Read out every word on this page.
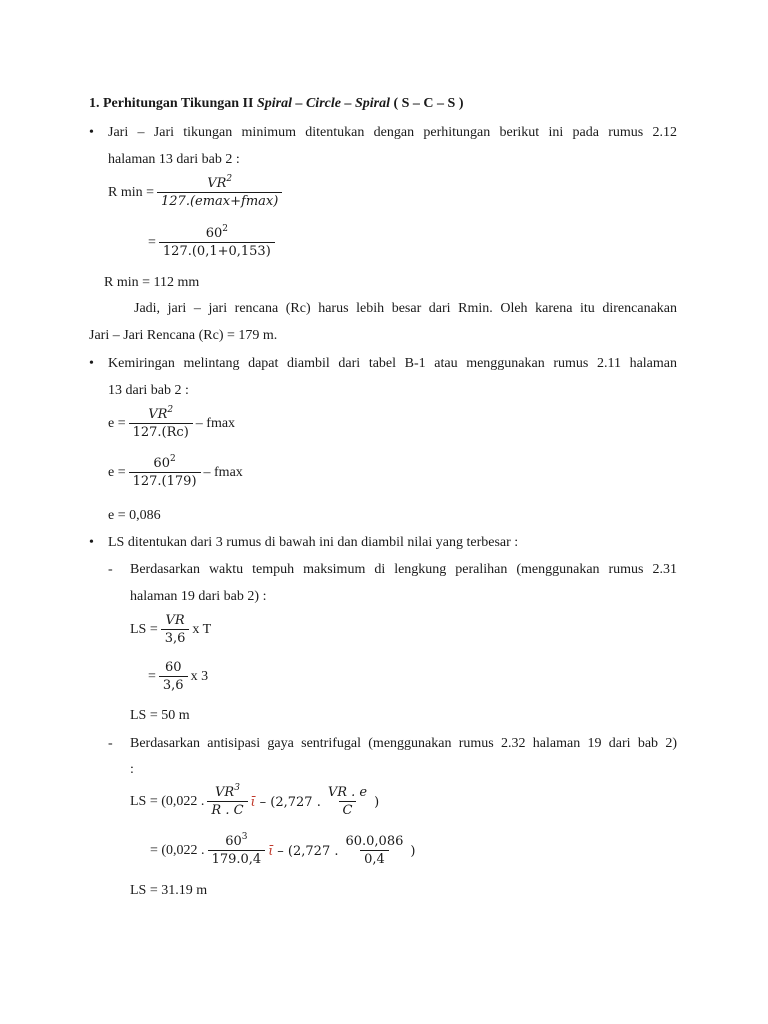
1. Perhitungan Tikungan II Spiral – Circle – Spiral ( S – C – S )
• Jari – Jari tikungan minimum ditentukan dengan perhitungan berikut ini pada rumus 2.12
halaman 13 dari bab 2 :
R $\min = \frac{VR^2}{127.(emax+fmax)}$
= $\frac{60^2}{127.(0,1+0,153)}$
R min = 112 mm
Jadi, jari – jari rencana (Rc) harus lebih besar dari Rmin. Oleh karena itu direncanakan
Jari – Jari Rencana (Rc) = 179 m.
• Kemiringan melintang dapat diambil dari tabel B-1 atau menggunakan rumus 2.11 halaman
13 dari bab 2 :
$e = \frac{VR^2}{127.(Rc)} - fmax$
$e = \frac{60^2}{127.(179)} - fmax$
e = 0,086
• LS ditentukan dari 3 rumus di bawah ini dan diambil nilai yang terbesar :
- Berdasarkan waktu tempuh maksimum di lengkung peralihan (menggunakan rumus 2.31
halaman 19 dari bab 2) :
LS = $\frac{VR}{3,6}$ x T
= $\frac{60}{3,6}$ x 3
LS = 50 m
- Berdasarkan antisipasi gaya sentrifugal (menggunakan rumus 2.32 halaman 19 dari bab 2)
:
LS = (0,022 . $\frac{VR^3}{R . C}$ ῑ – (2,727 . $\frac{VR . e}{C}$ )
= (0,022 . $\frac{60^3}{179.0,4}$ ῑ – (2,727 . $\frac{60.0,086}{0,4}$ )
LS = 31.19 m
